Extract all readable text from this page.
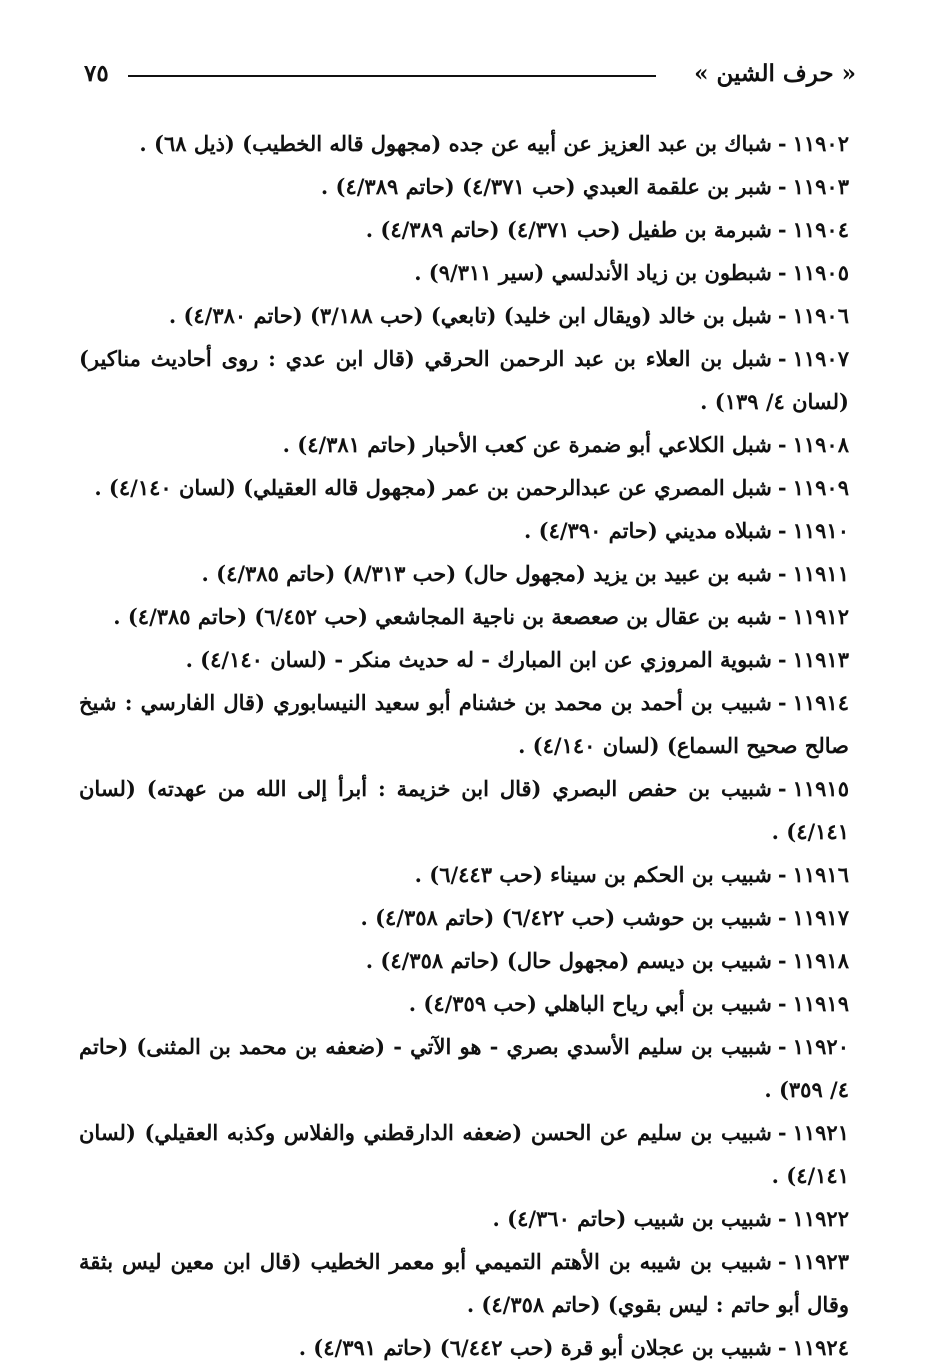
« حرف الشين »
٧٥
١١٩٠٢-شباك بن عبد العزيز عن أبيه عن جده (مجهول قاله الخطيب) (ذيل ٦٨) .
١١٩٠٣-شبر بن علقمة العبدي (حب ٤/٣٧١) (حاتم ٤/٣٨٩) .
١١٩٠٤-شبرمة بن طفيل (حب ٤/٣٧١) (حاتم ٤/٣٨٩) .
١١٩٠٥-شبطون بن زياد الأندلسي (سير ٩/٣١١) .
١١٩٠٦-شبل بن خالد (ويقال ابن خليد) (تابعي) (حب ٣/١٨٨) (حاتم ٤/٣٨٠) .
١١٩٠٧-شبل بن العلاء بن عبد الرحمن الحرقي (قال ابن عدي : روى أحاديث مناكير) (لسان ٤/ ١٣٩) .
١١٩٠٨-شبل الكلاعي أبو ضمرة عن كعب الأحبار (حاتم ٤/٣٨١) .
١١٩٠٩-شبل المصري عن عبدالرحمن بن عمر (مجهول قاله العقيلي) (لسان ٤/١٤٠) .
١١٩١٠-شبلاه مديني (حاتم ٤/٣٩٠) .
١١٩١١-شبه بن عبيد بن يزيد (مجهول حال) (حب ٨/٣١٣) (حاتم ٤/٣٨٥) .
١١٩١٢-شبه بن عقال بن صعصعة بن ناجية المجاشعي (حب ٦/٤٥٢) (حاتم ٤/٣٨٥) .
١١٩١٣-شبوية المروزي عن ابن المبارك - له حديث منكر - (لسان ٤/١٤٠) .
١١٩١٤-شبيب بن أحمد بن محمد بن خشنام أبو سعيد النيسابوري (قال الفارسي : شيخ صالح صحيح السماع) (لسان ٤/١٤٠) .
١١٩١٥-شبيب بن حفص البصري (قال ابن خزيمة : أبرأ إلى الله من عهدته) (لسان ٤/١٤١) .
١١٩١٦-شبيب بن الحكم بن سيناء (حب ٦/٤٤٣) .
١١٩١٧-شبيب بن حوشب (حب ٦/٤٢٢) (حاتم ٤/٣٥٨) .
١١٩١٨-شبيب بن ديسم (مجهول حال) (حاتم ٤/٣٥٨) .
١١٩١٩-شبيب بن أبي رياح الباهلي (حب ٤/٣٥٩) .
١١٩٢٠-شبيب بن سليم الأسدي بصري - هو الآتي - (ضعفه بن محمد بن المثنى) (حاتم ٤/ ٣٥٩) .
١١٩٢١-شبيب بن سليم عن الحسن (ضعفه الدارقطني والفلاس وكذبه العقيلي) (لسان ٤/١٤١) .
١١٩٢٢-شبيب بن شبيب (حاتم ٤/٣٦٠) .
١١٩٢٣-شبيب بن شيبه بن الأهتم التميمي أبو معمر الخطيب (قال ابن معين ليس بثقة وقال أبو حاتم : ليس بقوي) (حاتم ٤/٣٥٨) .
١١٩٢٤-شبيب بن عجلان أبو قرة (حب ٦/٤٤٢) (حاتم ٤/٣٩١) .
